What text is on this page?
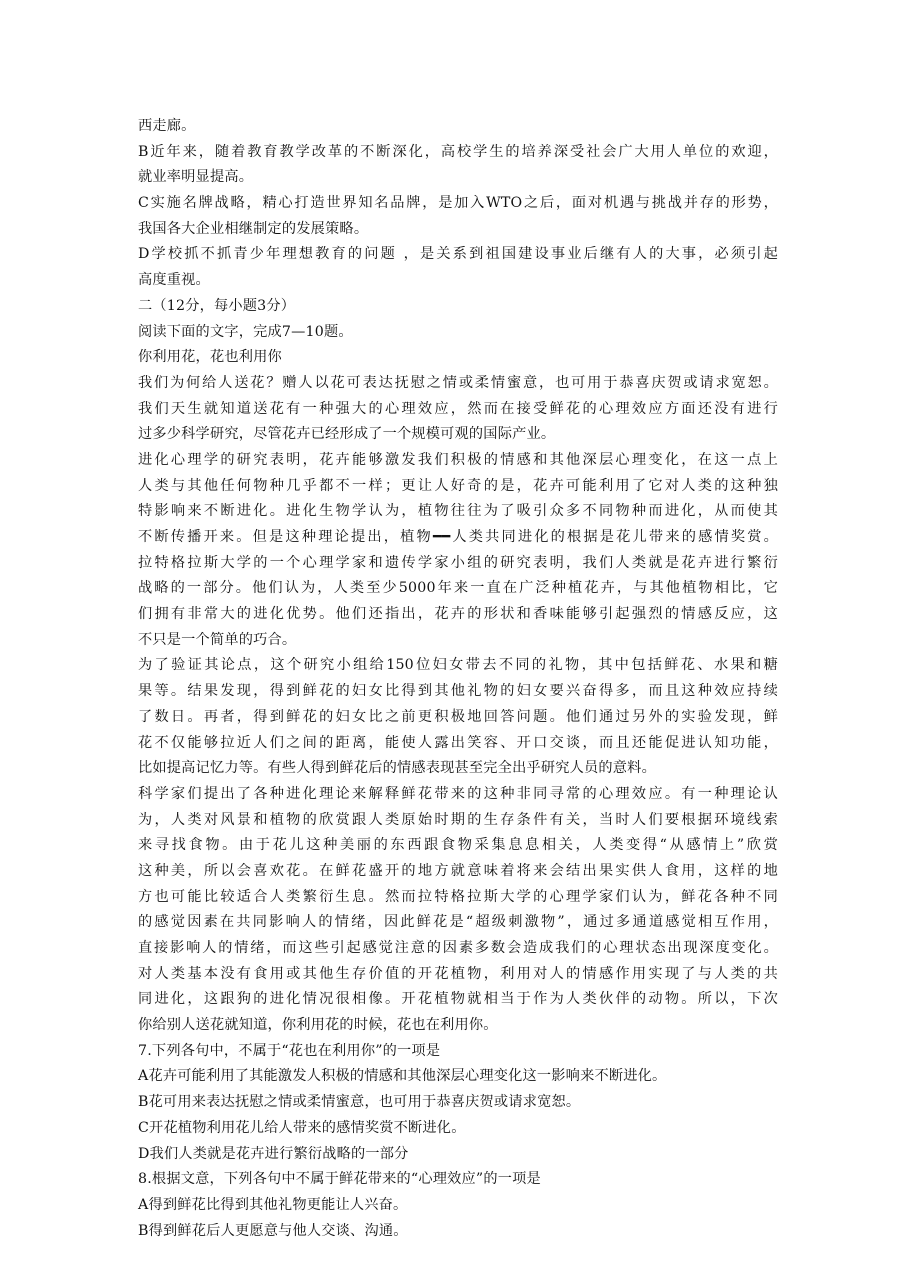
西走廊。
B近年来，随着教育教学改革的不断深化，高校学生的培养深受社会广大用人单位的欢迎，
就业率明显提高。
C实施名牌战略，精心打造世界知名品牌，是加入WTO之后，面对机遇与挑战并存的形势，
我国各大企业相继制定的发展策略。
D学校抓不抓青少年理想教育的问题 ，是关系到祖国建设事业后继有人的大事，必须引起
高度重视。
二（12分，每小题3分）
阅读下面的文字，完成7—10题。
你利用花，花也利用你
我们为何给人送花？赠人以花可表达抚慰之情或柔情蜜意，也可用于恭喜庆贺或请求宽恕。
我们天生就知道送花有一种强大的心理效应，然而在接受鲜花的心理效应方面还没有进行
过多少科学研究，尽管花卉已经形成了一个规模可观的国际产业。
进化心理学的研究表明，花卉能够激发我们积极的情感和其他深层心理变化，在这一点上
人类与其他任何物种几乎都不一样；更让人好奇的是，花卉可能利用了它对人类的这种独
特影响来不断进化。进化生物学认为，植物往往为了吸引众多不同物种而进化，从而使其
不断传播开来。但是这种理论提出，植物━━人类共同进化的根据是花儿带来的感情奖赏。
拉特格拉斯大学的一个心理学家和遗传学家小组的研究表明，我们人类就是花卉进行繁衍
战略的一部分。他们认为，人类至少5000年来一直在广泛种植花卉，与其他植物相比，它
们拥有非常大的进化优势。他们还指出，花卉的形状和香味能够引起强烈的情感反应，这
不只是一个简单的巧合。
为了验证其论点，这个研究小组给150位妇女带去不同的礼物，其中包括鲜花、水果和糖
果等。结果发现，得到鲜花的妇女比得到其他礼物的妇女要兴奋得多，而且这种效应持续
了数日。再者，得到鲜花的妇女比之前更积极地回答问题。他们通过另外的实验发现，鲜
花不仅能够拉近人们之间的距离，能使人露出笑容、开口交谈，而且还能促进认知功能，
比如提高记忆力等。有些人得到鲜花后的情感表现甚至完全出乎研究人员的意料。
科学家们提出了各种进化理论来解释鲜花带来的这种非同寻常的心理效应。有一种理论认
为，人类对风景和植物的欣赏跟人类原始时期的生存条件有关，当时人们要根据环境线索
来寻找食物。由于花儿这种美丽的东西跟食物采集息息相关，人类变得“从感情上”欣赏
这种美，所以会喜欢花。在鲜花盛开的地方就意味着将来会结出果实供人食用，这样的地
方也可能比较适合人类繁衍生息。然而拉特格拉斯大学的心理学家们认为，鲜花各种不同
的感觉因素在共同影响人的情绪，因此鲜花是“超级刺激物”，通过多通道感觉相互作用，
直接影响人的情绪，而这些引起感觉注意的因素多数会造成我们的心理状态出现深度变化。
对人类基本没有食用或其他生存价值的开花植物，利用对人的情感作用实现了与人类的共
同进化，这跟狗的进化情况很相像。开花植物就相当于作为人类伙伴的动物。所以，下次
你给别人送花就知道，你利用花的时候，花也在利用你。
7.下列各句中，不属于“花也在利用你”的一项是
A花卉可能利用了其能激发人积极的情感和其他深层心理变化这一影响来不断进化。
B花可用来表达抚慰之情或柔情蜜意，也可用于恭喜庆贺或请求宽恕。
C开花植物利用花儿给人带来的感情奖赏不断进化。
D我们人类就是花卉进行繁衍战略的一部分
8.根据文意，下列各句中不属于鲜花带来的“心理效应”的一项是
A得到鲜花比得到其他礼物更能让人兴奋。
B得到鲜花后人更愿意与他人交谈、沟通。
